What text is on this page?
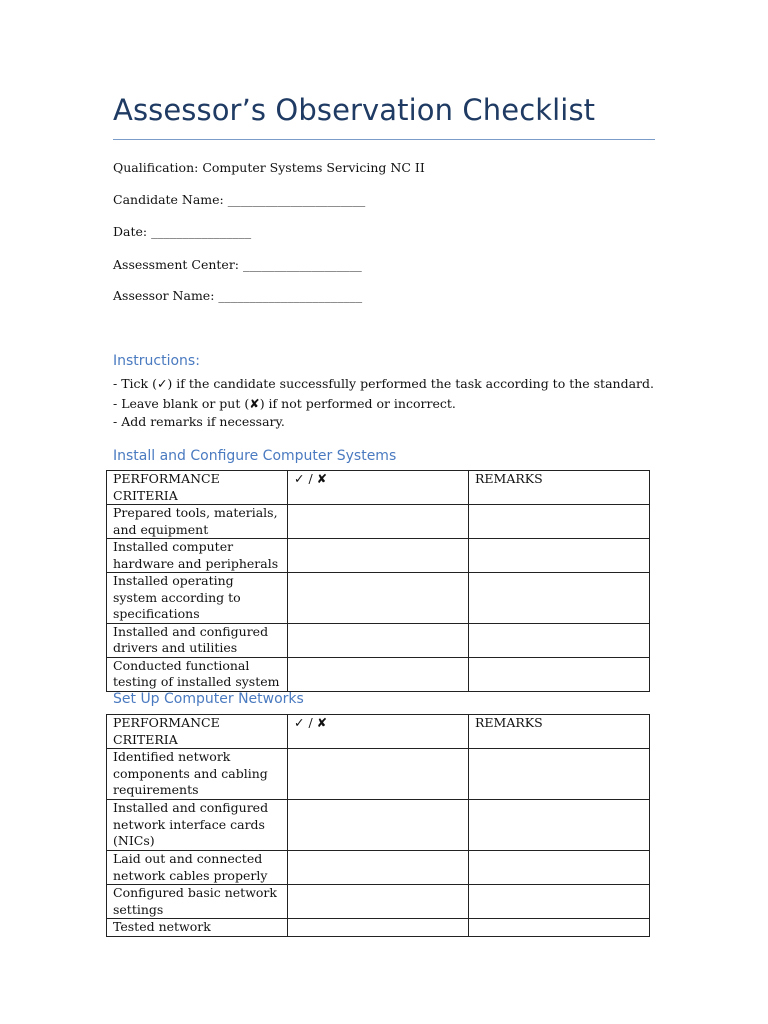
Assessor’s Observation Checklist
Qualification: Computer Systems Servicing NC II
Candidate Name: ______________________
Date: ________________
Assessment Center: ___________________
Assessor Name: _______________________
Instructions:
- Tick (✓) if the candidate successfully performed the task according to the standard.
- Leave blank or put (✘) if not performed or incorrect.
- Add remarks if necessary.
Install and Configure Computer Systems
PERFORMANCE CRITERIA	✓ / ✘	REMARKS
Prepared tools, materials, and equipment		
Installed computer hardware and peripherals		
Installed operating system according to specifications		
Installed and configured drivers and utilities		
Conducted functional testing of installed system		
Set Up Computer Networks
PERFORMANCE CRITERIA	✓ / ✘	REMARKS
Identified network components and cabling requirements		
Installed and configured network interface cards (NICs)		
Laid out and connected network cables properly		
Configured basic network settings		
Tested network		
